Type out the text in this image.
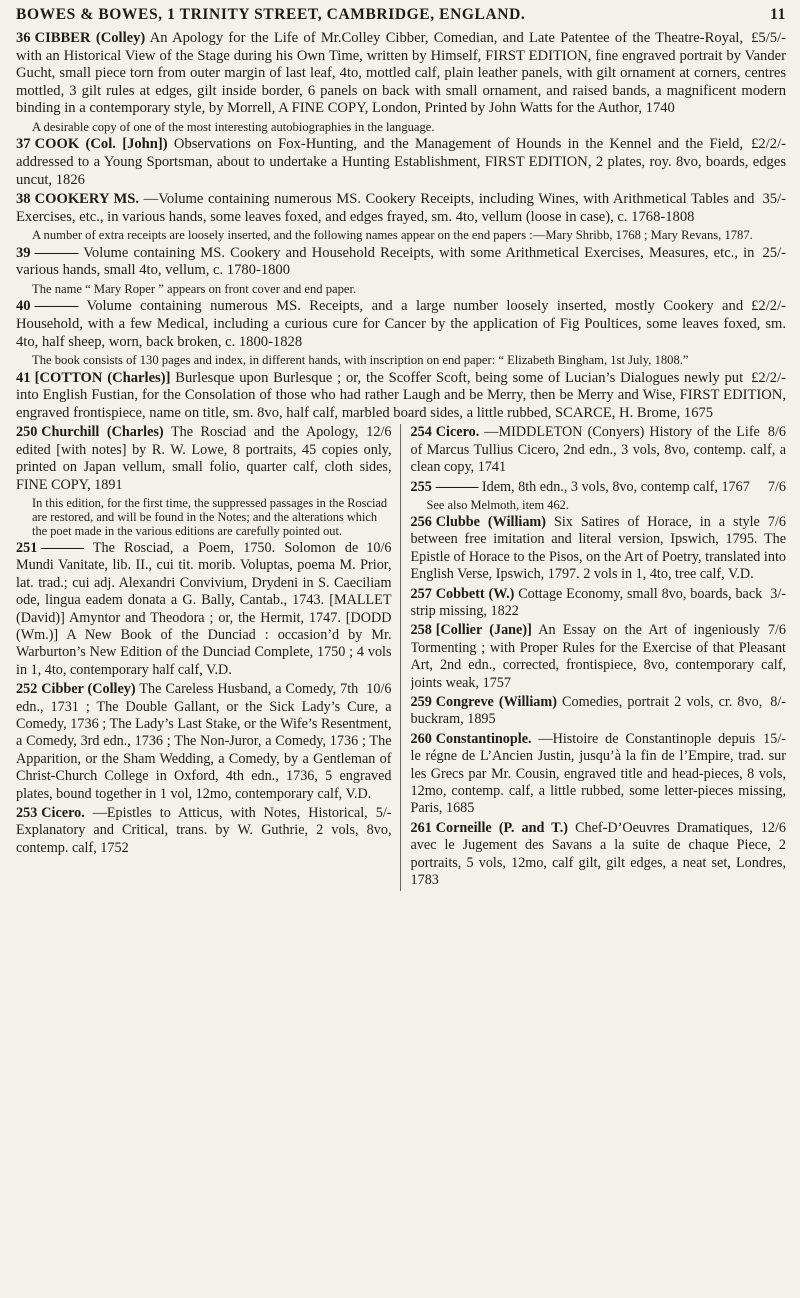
BOWES & BOWES, 1 TRINITY STREET, CAMBRIDGE, ENGLAND.	11

£5/5/-
36 CIBBER (Colley) An Apology for the Life of Mr.Colley Cibber, Comedian, and Late Patentee of the Theatre-Royal, with an Historical View of the Stage during his Own Time, written by Himself, FIRST EDITION, fine engraved portrait by Vander Gucht, small piece torn from outer margin of last leaf, 4to, mottled calf, plain leather panels, with gilt ornament at corners, centres mottled, 3 gilt rules at edges, gilt inside border, 6 panels on back with small ornament, and raised bands, a magnificent modern binding in a contemporary style, by Morrell, A FINE COPY, London, Printed by John Watts for the Author, 1740

A desirable copy of one of the most interesting autobiographies in the language.

£2/2/-
37 COOK (Col. [John]) Observations on Fox-Hunting, and the Management of Hounds in the Kennel and the Field, addressed to a Young Sportsman, about to undertake a Hunting Establishment, FIRST EDITION, 2 plates, roy. 8vo, boards, edges uncut, 1826

35/-
38 COOKERY MS. —Volume containing numerous MS. Cookery Receipts, including Wines, with Arithmetical Tables and Exercises, etc., in various hands, some leaves foxed, and edges frayed, sm. 4to, vellum (loose in case), c. 1768-1808

A number of extra receipts are loosely inserted, and the following names appear on the end papers :—Mary Shribb, 1768 ; Mary Revans, 1787.

25/-
39 ——— Volume containing MS. Cookery and Household Receipts, with some Arithmetical Exercises, Measures, etc., in various hands, small 4to, vellum, c. 1780-1800

The name “ Mary Roper ” appears on front cover and end paper.

£2/2/-
40 ——— Volume containing numerous MS. Receipts, and a large number loosely inserted, mostly Cookery and Household, with a few Medical, including a curious cure for Cancer by the application of Fig Poultices, some leaves foxed, sm. 4to, half sheep, worn, back broken, c. 1800-1828

The book consists of 130 pages and index, in different hands, with inscription on end paper: “ Elizabeth Bingham, 1st July, 1808.”

£2/2/-
41 [COTTON (Charles)] Burlesque upon Burlesque ; or, the Scoffer Scoft, being some of Lucian’s Dialogues newly put into English Fustian, for the Consolation of those who had rather Laugh and be Merry, then be Merry and Wise, FIRST EDITION, engraved frontispiece, name on title, sm. 8vo, half calf, marbled board sides, a little rubbed, SCARCE, H. Brome, 1675

12/6
250 Churchill (Charles) The Rosciad and the Apology, edited [with notes] by R. W. Lowe, 8 portraits, 45 copies only, printed on Japan vellum, small folio, quarter calf, cloth sides, FINE COPY, 1891

In this edition, for the first time, the suppressed passages in the Rosciad are restored, and will be found in the Notes; and the alterations which the poet made in the various editions are carefully pointed out.

10/6
251 ——— The Rosciad, a Poem, 1750. Solomon de Mundi Vanitate, lib. II., cui tit. morib. Voluptas, poema M. Prior, lat. trad.; cui adj. Alexandri Convivium, Drydeni in S. Caeciliam ode, lingua eadem donata a G. Bally, Cantab., 1743. [MALLET (David)] Amyntor and Theodora ; or, the Hermit, 1747. [DODD (Wm.)] A New Book of the Dunciad : occasion’d by Mr. Warburton’s New Edition of the Dunciad Complete, 1750 ; 4 vols in 1, 4to, contemporary half calf, V.D.

10/6
252 Cibber (Colley) The Careless Husband, a Comedy, 7th edn., 1731 ; The Double Gallant, or the Sick Lady’s Cure, a Comedy, 1736 ; The Lady’s Last Stake, or the Wife’s Resentment, a Comedy, 3rd edn., 1736 ; The Non-Juror, a Comedy, 1736 ; The Apparition, or the Sham Wedding, a Comedy, by a Gentleman of Christ-Church College in Oxford, 4th edn., 1736, 5 engraved plates, bound together in 1 vol, 12mo, contemporary calf, V.D.

5/-
253 Cicero. —Epistles to Atticus, with Notes, Historical, Explanatory and Critical, trans. by W. Guthrie, 2 vols, 8vo, contemp. calf, 1752

8/6
254 Cicero. —MIDDLETON (Conyers) History of the Life of Marcus Tullius Cicero, 2nd edn., 3 vols, 8vo, contemp. calf, a clean copy, 1741

7/6
255 ——— Idem, 8th edn., 3 vols, 8vo, contemp calf, 1767

See also Melmoth, item 462.

7/6
256 Clubbe (William) Six Satires of Horace, in a style between free imitation and literal version, Ipswich, 1795. The Epistle of Horace to the Pisos, on the Art of Poetry, translated into English Verse, Ipswich, 1797. 2 vols in 1, 4to, tree calf, V.D.

3/-
257 Cobbett (W.) Cottage Economy, small 8vo, boards, back strip missing, 1822

7/6
258 [Collier (Jane)] An Essay on the Art of ingeniously Tormenting ; with Proper Rules for the Exercise of that Pleasant Art, 2nd edn., corrected, frontispiece, 8vo, contemporary calf, joints weak, 1757

8/-
259 Congreve (William) Comedies, portrait 2 vols, cr. 8vo, buckram, 1895

15/-
260 Constantinople. —Histoire de Constantinople depuis le régne de L’Ancien Justin, jusqu’à la fin de l’Empire, trad. sur les Grecs par Mr. Cousin, engraved title and head-pieces, 8 vols, 12mo, contemp. calf, a little rubbed, some letter-pieces missing, Paris, 1685

12/6
261 Corneille (P. and T.) Chef-D’Oeuvres Dramatiques, avec le Jugement des Savans a la suite de chaque Piece, 2 portraits, 5 vols, 12mo, calf gilt, gilt edges, a neat set, Londres, 1783
